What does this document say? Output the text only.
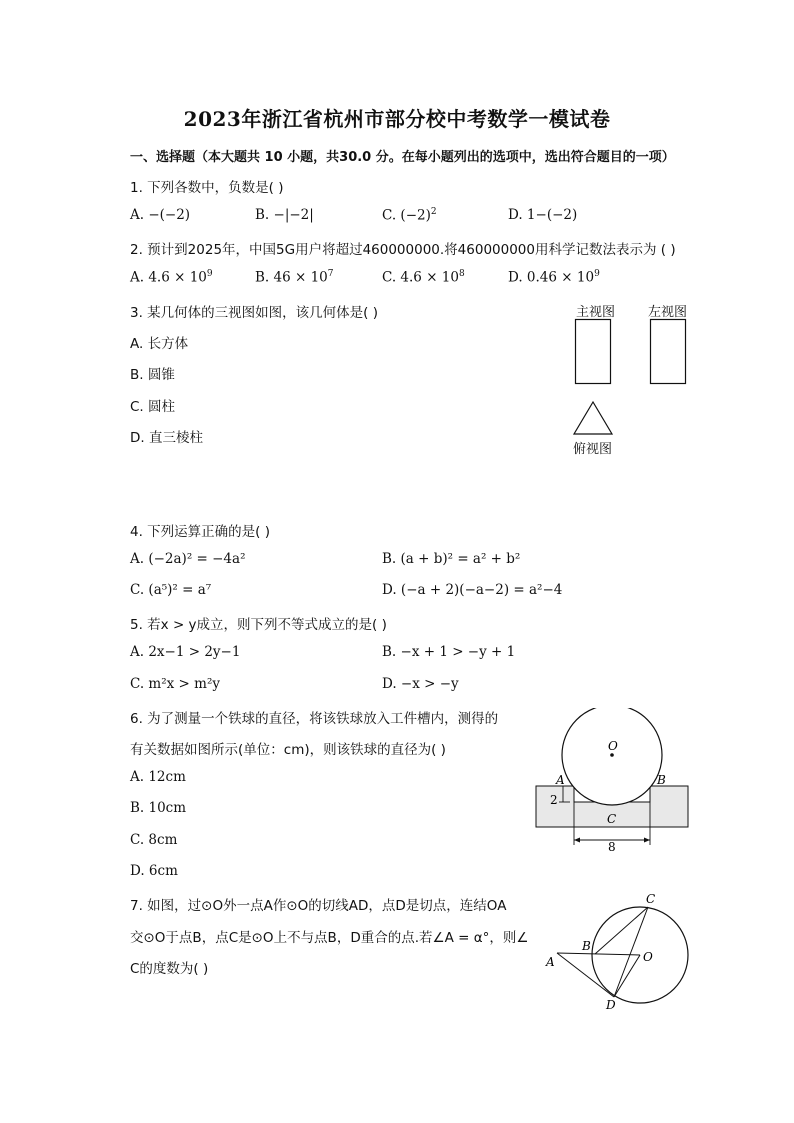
2023年浙江省杭州市部分校中考数学一模试卷
一、选择题（本大题共 10 小题，共30.0 分。在每小题列出的选项中，选出符合题目的一项）
1. 下列各数中，负数是( )
A. −(−2)	B. −|−2|	C. $(-2)^2$	D. 1−(−2)
2. 预计到2025年，中国5G用户将超过460000000.将460000000用科学记数法表示为 ( )
A. $4.6 \times 10^9$	B. $46 \times 10^7$	C. $4.6 \times 10^8$	D. $0.46 \times 10^9$
3. 某几何体的三视图如图，该几何体是( )
A. 长方体
B. 圆锥
C. 圆柱
D. 直三棱柱
主视图	左视图
俯视图
4. 下列运算正确的是( )
A. (−2a)² = −4a²	B. (a + b)² = a² + b²
C. (a⁵)² = a⁷	D. (−a + 2)(−a−2) = a²−4
5. 若x > y成立，则下列不等式成立的是( )
A. 2x−1 > 2y−1	B. −x + 1 > −y + 1
C. m²x > m²y	D. −x > −y
6. 为了测量一个铁球的直径，将该铁球放入工件槽内，测得的
有关数据如图所示(单位：cm)，则该铁球的直径为( )
A. 12cm
B. 10cm
C. 8cm
D. 6cm
O
A	B
C
2
8
7. 如图，过⊙O外一点A作⊙O的切线AD，点D是切点，连结OA
交⊙O于点B，点C是⊙O上不与点B，D重合的点.若∠A = α°，则∠
C的度数为( )	A
B
C
D
O
